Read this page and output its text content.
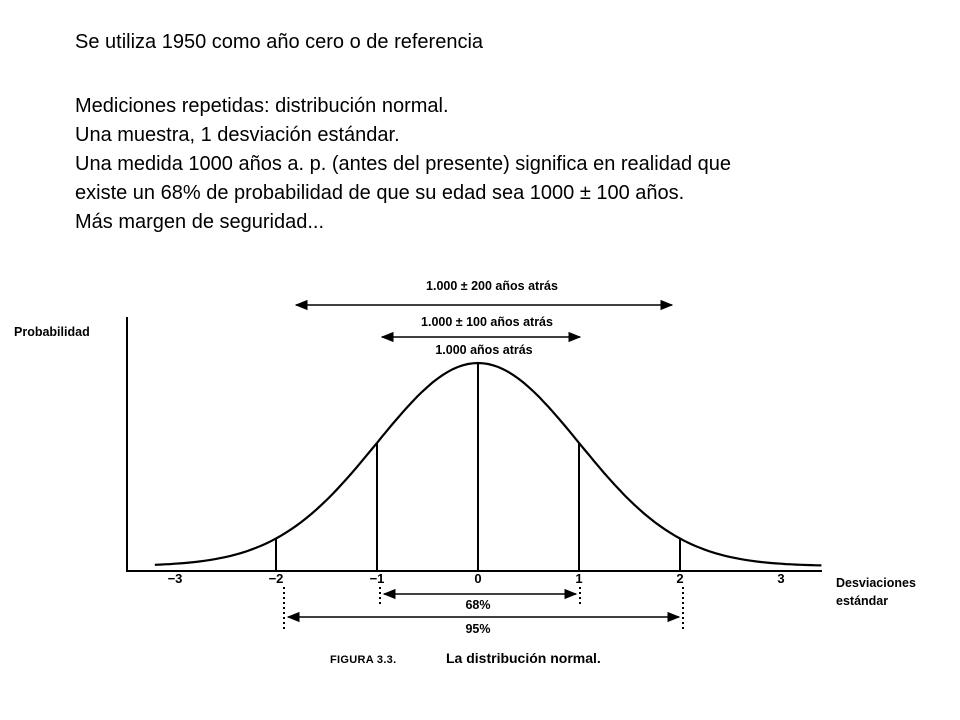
Se utiliza 1950 como año cero o de referencia

Mediciones repetidas: distribución normal.
Una muestra, 1 desviación estándar.
Una medida 1000 años a. p. (antes del presente) significa en realidad que
existe un 68% de probabilidad de que su edad sea 1000 ± 100 años.
Más margen de seguridad...

1.000 ± 200 años atrás
1.000 ± 100 años atrás
1.000 años atrás
Probabilidad
−3	−2	−1	0	1	2	3	Desviaciones
estándar
68%
95%
FIGURA 3.3.	La distribución normal.
